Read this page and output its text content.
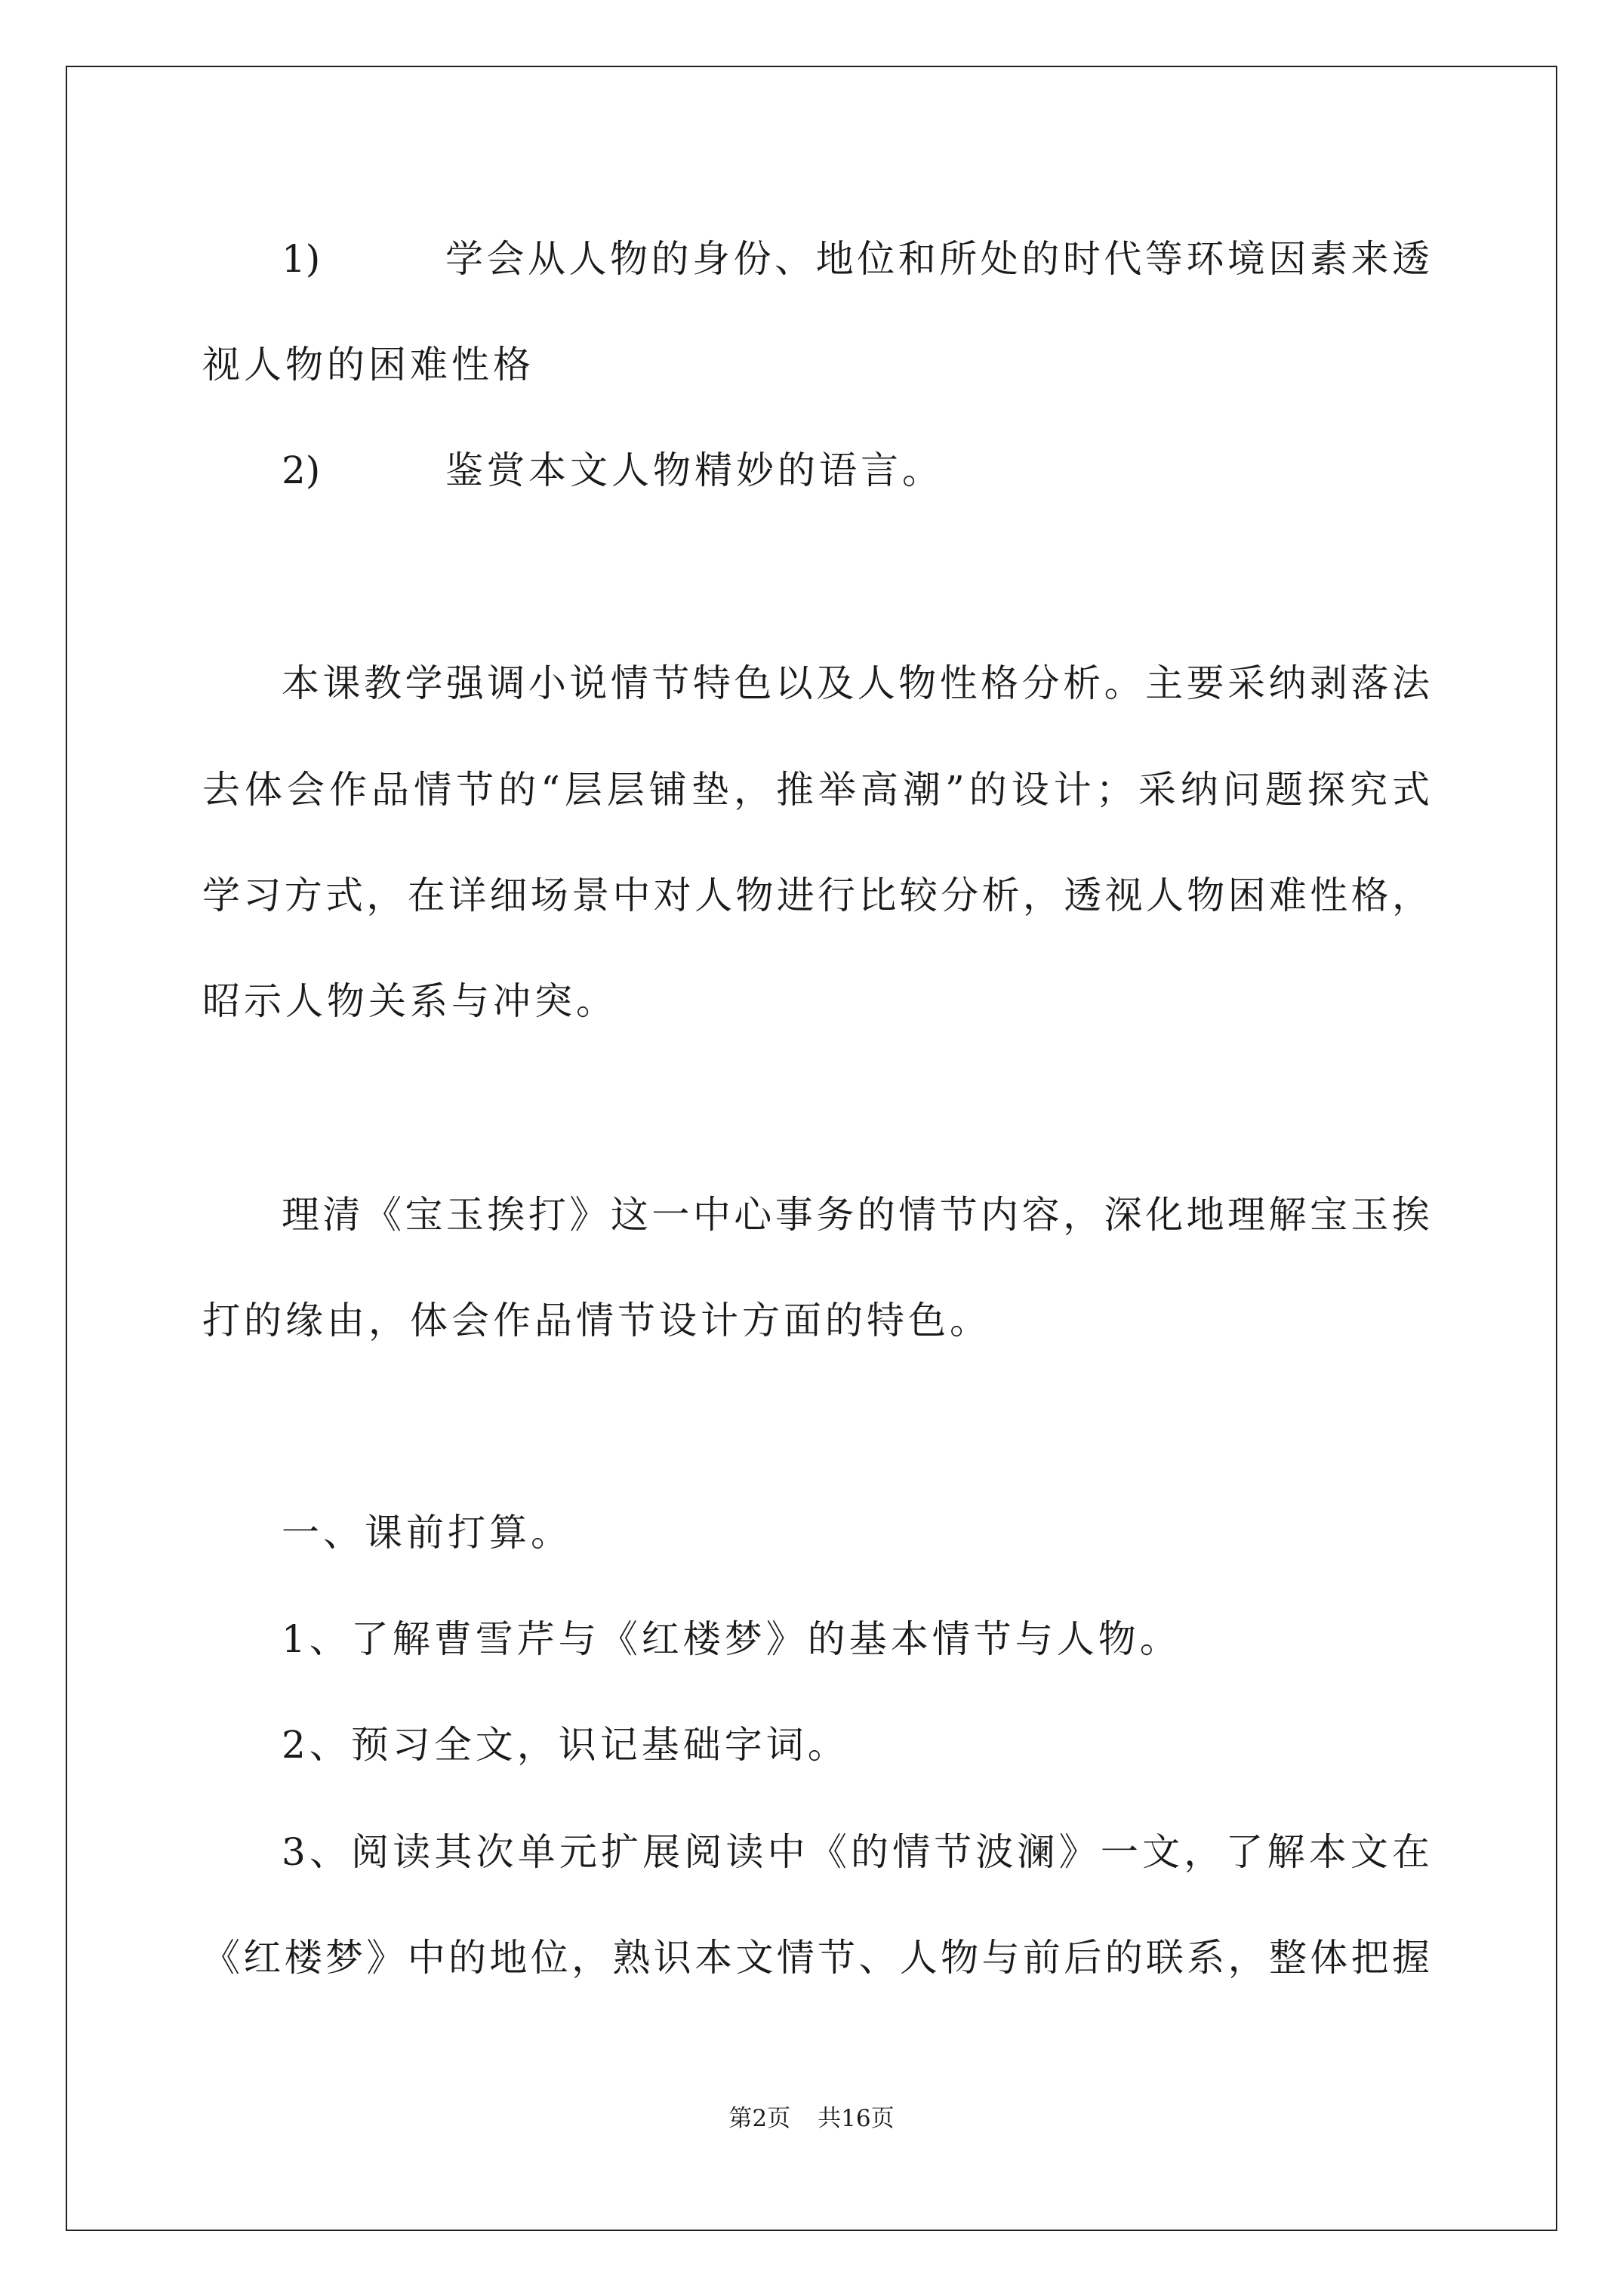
1)	学会从人物的身份、地位和所处的时代等环境因素来透
视人物的困难性格
2)	鉴赏本文人物精妙的语言。
本课教学强调小说情节特色以及人物性格分析。主要采纳剥落法
去体会作品情节的“层层铺垫，推举高潮”的设计；采纳问题探究式
学习方式，在详细场景中对人物进行比较分析，透视人物困难性格，
昭示人物关系与冲突。
理清《宝玉挨打》这一中心事务的情节内容，深化地理解宝玉挨
打的缘由，体会作品情节设计方面的特色。
一、课前打算。
1、了解曹雪芹与《红楼梦》的基本情节与人物。
2、预习全文，识记基础字词。
3、阅读其次单元扩展阅读中《的情节波澜》一文，了解本文在
《红楼梦》中的地位，熟识本文情节、人物与前后的联系，整体把握
第2页 共16页
